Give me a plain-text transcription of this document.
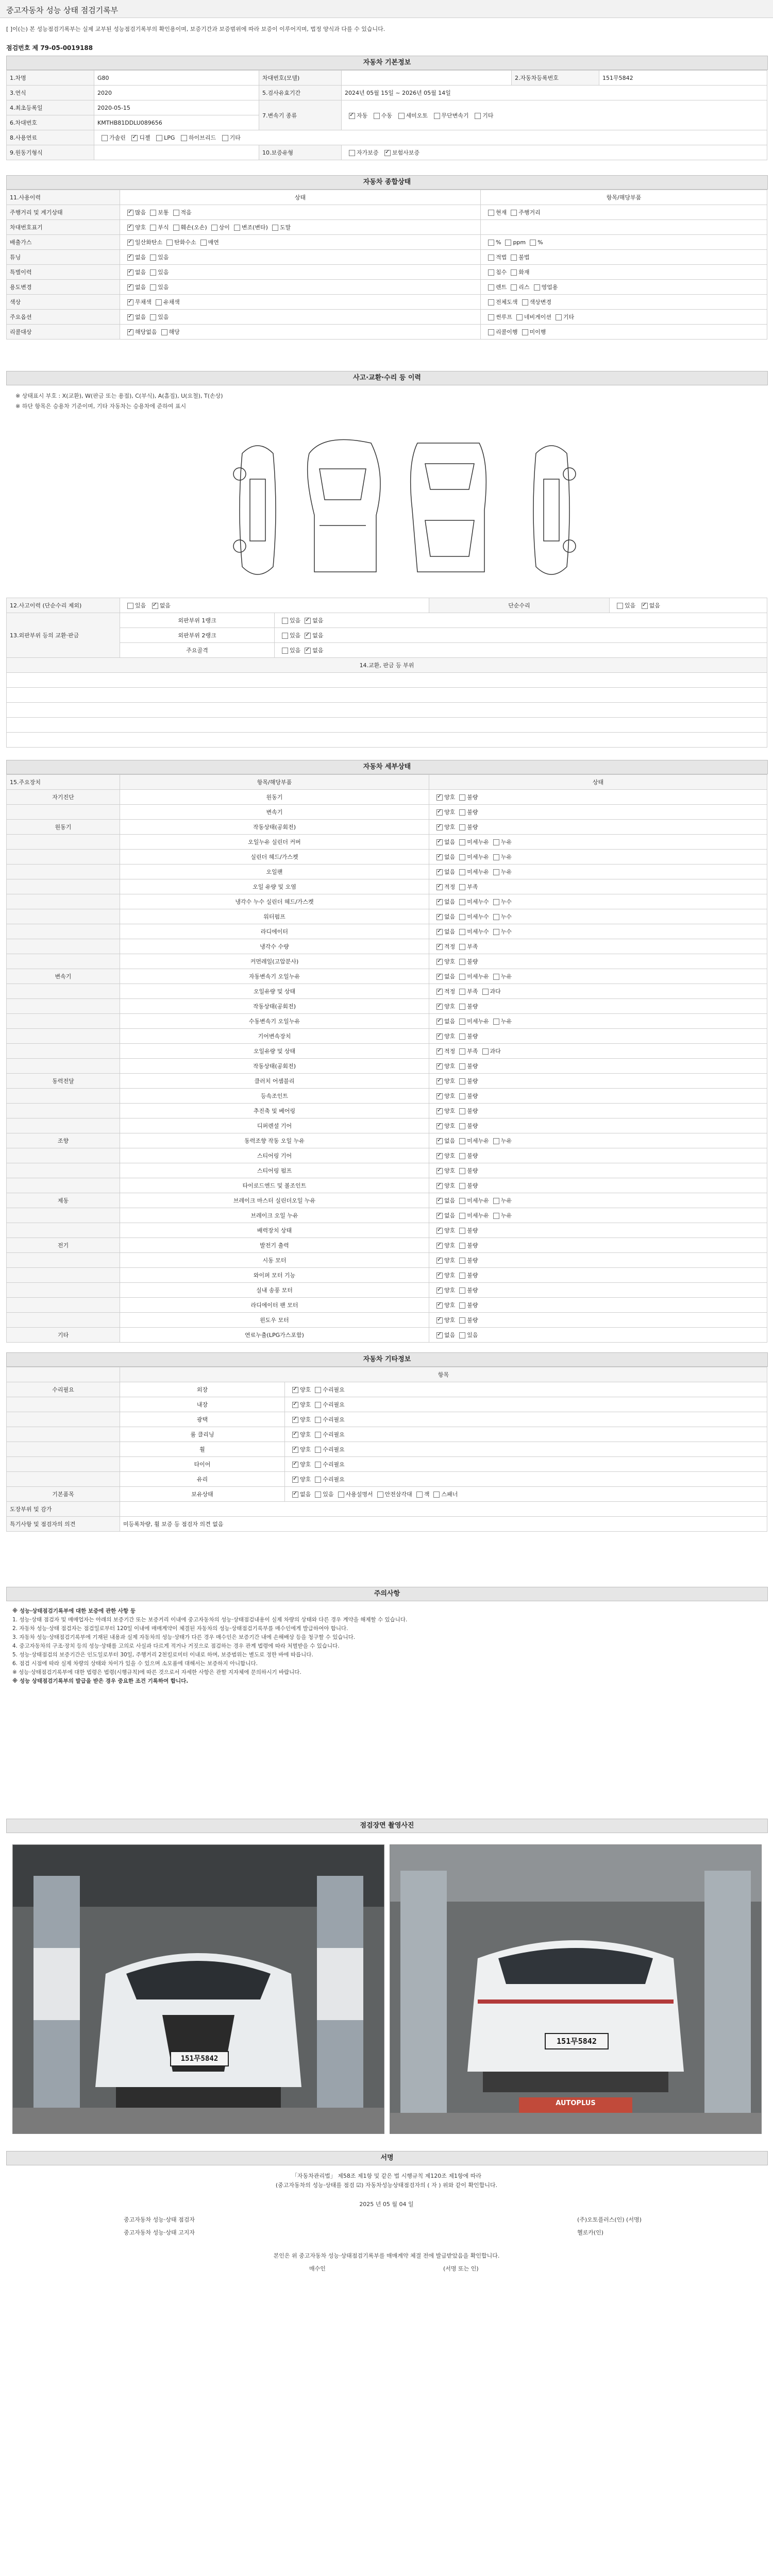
중고자동차 성능 상태 점검기록부
[ ]이(는) 본 성능점검기록부는 실제 교부된 성능점검기록부의 확인용이며, 보증기간과 보증범위에 따라 보증이 이루어지며, 법정 양식과 다를 수 있습니다.
점검번호 제 79-05-0019188
자동차 기본정보
1.차명	G80	차대번호(모델)		2.자동차등록번호	151무5842
3.연식	2020	5.검사유효기간	2024년 05월 15일 ~ 2026년 05월 14일		
4.최초등록일	2020-05-15	7.변속기 종류	✓자동 수동 세미오토 무단변속기 기타
6.차대번호	KMTHB81DDLU089656				
8.사용연료	가솔린 ✓ 디젤 LPG 하이브리드 기타
9.원동기형식		10.보증유형	자가보증 ✓ 보험사보증
자동차 종합상태
11.사용이력	상태	항목/해당부품
주행거리 및 계기상태	✓많음 보통 적음	현재 주행거리
차대번호표기	✓양호 부식 훼손(오손) 상이 변조(변타) 도말	
배출가스	✓일산화탄소 탄화수소 매연	% ppm %
튜닝	✓없음 있음	적법 불법
특별이력	✓없음 있음	침수 화재
용도변경	✓없음 있음	렌트 리스 영업용
색상	✓무채색 유채색	전체도색 색상변경
주요옵션	✓없음 있음	썬루프 네비게이션 기타
리콜대상	✓해당없음 해당	리콜이행 미이행
사고·교환·수리 등 이력
※ 상태표시 부호 : X(교환), W(판금 또는 용접), C(부식), A(흠집), U(요철), T(손상)
※ 하단 항목은 승용차 기준이며, 기타 자동차는 승용차에 준하여 표시
12.사고이력 (단순수리 제외)	있음 ✓ 없음		단순수리	있음 ✓ 없음
13.외판부위 등의 교환·판금	외판부위 1랭크	있음 ✓ 없음
	외판부위 2랭크	있음 ✓ 없음
	주요골격	있음 ✓ 없음
14.교환, 판금 등 부위				

자동차 세부상태
15.주요장치	항목/해당부품	상태
자기진단	원동기	✓양호 불량
	변속기	✓양호 불량
원동기	작동상태(공회전)	✓양호 불량
	오일누유 실린더 커버	✓없음 미세누유 누유
	실린더 헤드/가스켓	✓없음 미세누유 누유
	오일팬	✓없음 미세누유 누유
	오일 유량 및 오염	✓적정 부족
	냉각수 누수 실린더 헤드/가스켓	✓없음 미세누수 누수
	워터펌프	✓없음 미세누수 누수
	라디에이터	✓없음 미세누수 누수
	냉각수 수량	✓적정 부족
	커먼레일(고압분사)	✓양호 불량
변속기	자동변속기 오일누유	✓없음 미세누유 누유
	오일유량 및 상태	✓적정 부족 과다
	작동상태(공회전)	✓양호 불량
	수동변속기 오일누유	✓없음 미세누유 누유
	기어변속장치	✓양호 불량
	오일유량 및 상태	✓적정 부족 과다
	작동상태(공회전)	✓양호 불량
동력전달	클러치 어셈블리	✓양호 불량
	등속조인트	✓양호 불량
	추진축 및 베어링	✓양호 불량
	디퍼렌셜 기어	✓양호 불량
조향	동력조향 작동 오일 누유	✓없음 미세누유 누유
	스티어링 기어	✓양호 불량
	스티어링 펌프	✓양호 불량
	타이로드엔드 및 볼조인트	✓양호 불량
제동	브레이크 마스터 실린더오일 누유	✓없음 미세누유 누유
	브레이크 오일 누유	✓없음 미세누유 누유
	배력장치 상태	✓양호 불량
전기	발전기 출력	✓양호 불량
	시동 모터	✓양호 불량
	와이퍼 모터 기능	✓양호 불량
	실내 송풍 모터	✓양호 불량
	라디에이터 팬 모터	✓양호 불량
	윈도우 모터	✓양호 불량
기타	연료누출(LPG가스포함)	✓없음 있음
자동차 기타정보
	항목	
수리필요	외장	✓양호 수리필요
	내장	✓양호 수리필요
	광택	✓양호 수리필요
	룸 클리닝	✓양호 수리필요
	휠	✓양호 수리필요
	타이어	✓양호 수리필요
	유리	✓양호 수리필요
기본품목	보유상태	✓없음 있음 사용설명서 안전삼각대 잭 스패너
도장부위 및 감가		
특기사항 및 점검자의 의견	미등록차량, 휠 보증 등 점검자 의견 없음	
주의사항

※ 성능·상태점검기록부에 대한 보증에 관한 사항 등

1. 성능·상태 점검자 및 매매업자는 아래의 보증기간 또는 보증거리 이내에 중고자동차의 성능·상태점검내용이 실제 차량의 상태와 다른 경우 계약을 해제할 수 있습니다.

2. 자동차 성능·상태 점검자는 점검일로부터 120일 이내에 매매계약이 체결된 자동차의 성능·상태점검기록부를 매수인에게 발급하여야 합니다.

3. 자동차 성능·상태점검기록부에 기재된 내용과 실제 자동차의 성능·상태가 다른 경우 매수인은 보증기간 내에 손해배상 등을 청구할 수 있습니다.

4. 중고자동차의 구조·장치 등의 성능·상태를 고의로 사실과 다르게 적거나 거짓으로 점검하는 경우 관계 법령에 따라 처벌받을 수 있습니다.

5. 성능·상태점검의 보증기간은 인도일로부터 30일, 주행거리 2천킬로미터 이내로 하며, 보증범위는 별도로 정한 바에 따릅니다.

6. 점검 시점에 따라 실제 차량의 상태와 차이가 있을 수 있으며 소모품에 대해서는 보증하지 아니합니다.

※ 성능·상태점검기록부에 대한 법령은 법령(시행규칙)에 따른 것으로서 자세한 사항은 관할 지자체에 문의하시기 바랍니다.

※ 성능 상태점검기록부의 발급을 받은 경우 중요한 조건 기록하여 합니다.

점검장면 촬영사진
151무5842
151무5842
AUTOPLUS
서명
「자동차관리법」 제58조 제1항 및 같은 법 시행규칙 제120조 제1항에 따라
(중고자동차의 성능·상태를 점검 ☑) 자동차성능상태점검자의 ( 자 ) 위와 같이 확인합니다.
2025 년 05 월 04 일
중고자동차 성능·상태 점검자	(주)오토플러스(인) (서명)
중고자동차 성능·상태 고지자	헬로카(인)
본인은 위 중고자동차 성능·상태점검기록부를 매매계약 체결 전에 발급받았음을 확인합니다.
매수인	(서명 또는 인)
